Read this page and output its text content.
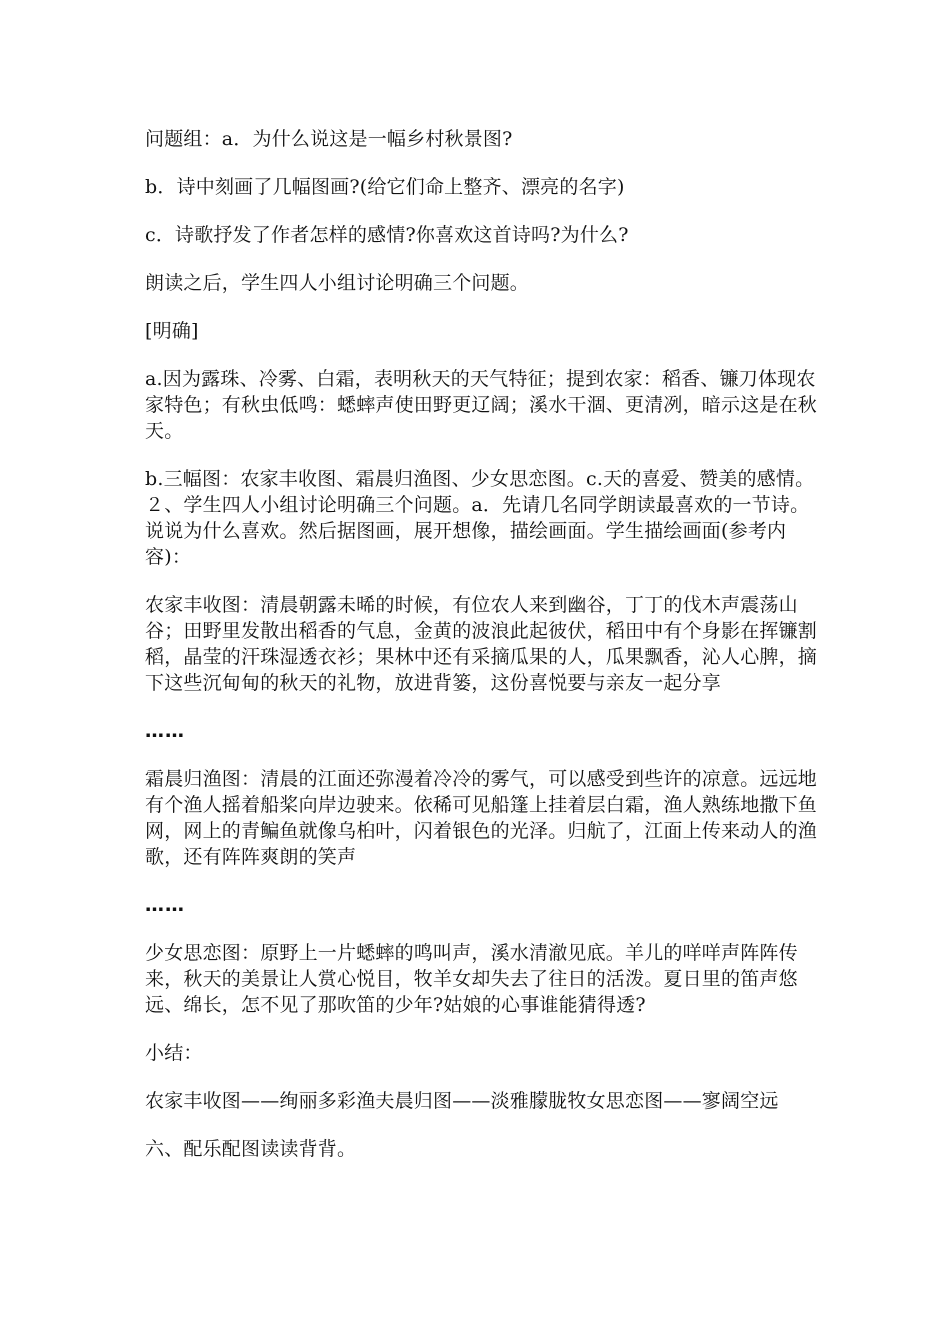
问题组：a．为什么说这是一幅乡村秋景图?

b．诗中刻画了几幅图画?(给它们命上整齐、漂亮的名字)

c．诗歌抒发了作者怎样的感情?你喜欢这首诗吗?为什么?

朗读之后，学生四人小组讨论明确三个问题。

[明确]

a.因为露珠、冷雾、白霜，表明秋天的天气特征；提到农家：稻香、镰刀体现农家特色；有秋虫低鸣：蟋蟀声使田野更辽阔；溪水干涸、更清冽，暗示这是在秋天。

b.三幅图：农家丰收图、霜晨归渔图、少女思恋图。c.天的喜爱、赞美的感情。２、学生四人小组讨论明确三个问题。a．先请几名同学朗读最喜欢的一节诗。说说为什么喜欢。然后据图画，展开想像，描绘画面。学生描绘画面(参考内容)：

农家丰收图：清晨朝露未晞的时候，有位农人来到幽谷，丁丁的伐木声震荡山谷；田野里发散出稻香的气息，金黄的波浪此起彼伏，稻田中有个身影在挥镰割稻，晶莹的汗珠湿透衣衫；果林中还有采摘瓜果的人，瓜果飘香，沁人心脾，摘下这些沉甸甸的秋天的礼物，放进背篓，这份喜悦要与亲友一起分享

……

霜晨归渔图：清晨的江面还弥漫着冷冷的雾气，可以感受到些许的凉意。远远地有个渔人摇着船桨向岸边驶来。依稀可见船篷上挂着层白霜，渔人熟练地撒下鱼网，网上的青鳊鱼就像乌桕叶，闪着银色的光泽。归航了，江面上传来动人的渔歌，还有阵阵爽朗的笑声

……

少女思恋图：原野上一片蟋蟀的鸣叫声，溪水清澈见底。羊儿的咩咩声阵阵传来，秋天的美景让人赏心悦目，牧羊女却失去了往日的活泼。夏日里的笛声悠远、绵长，怎不见了那吹笛的少年?姑娘的心事谁能猜得透?

小结：

农家丰收图——绚丽多彩渔夫晨归图——淡雅朦胧牧女思恋图——寥阔空远

六、配乐配图读读背背。
